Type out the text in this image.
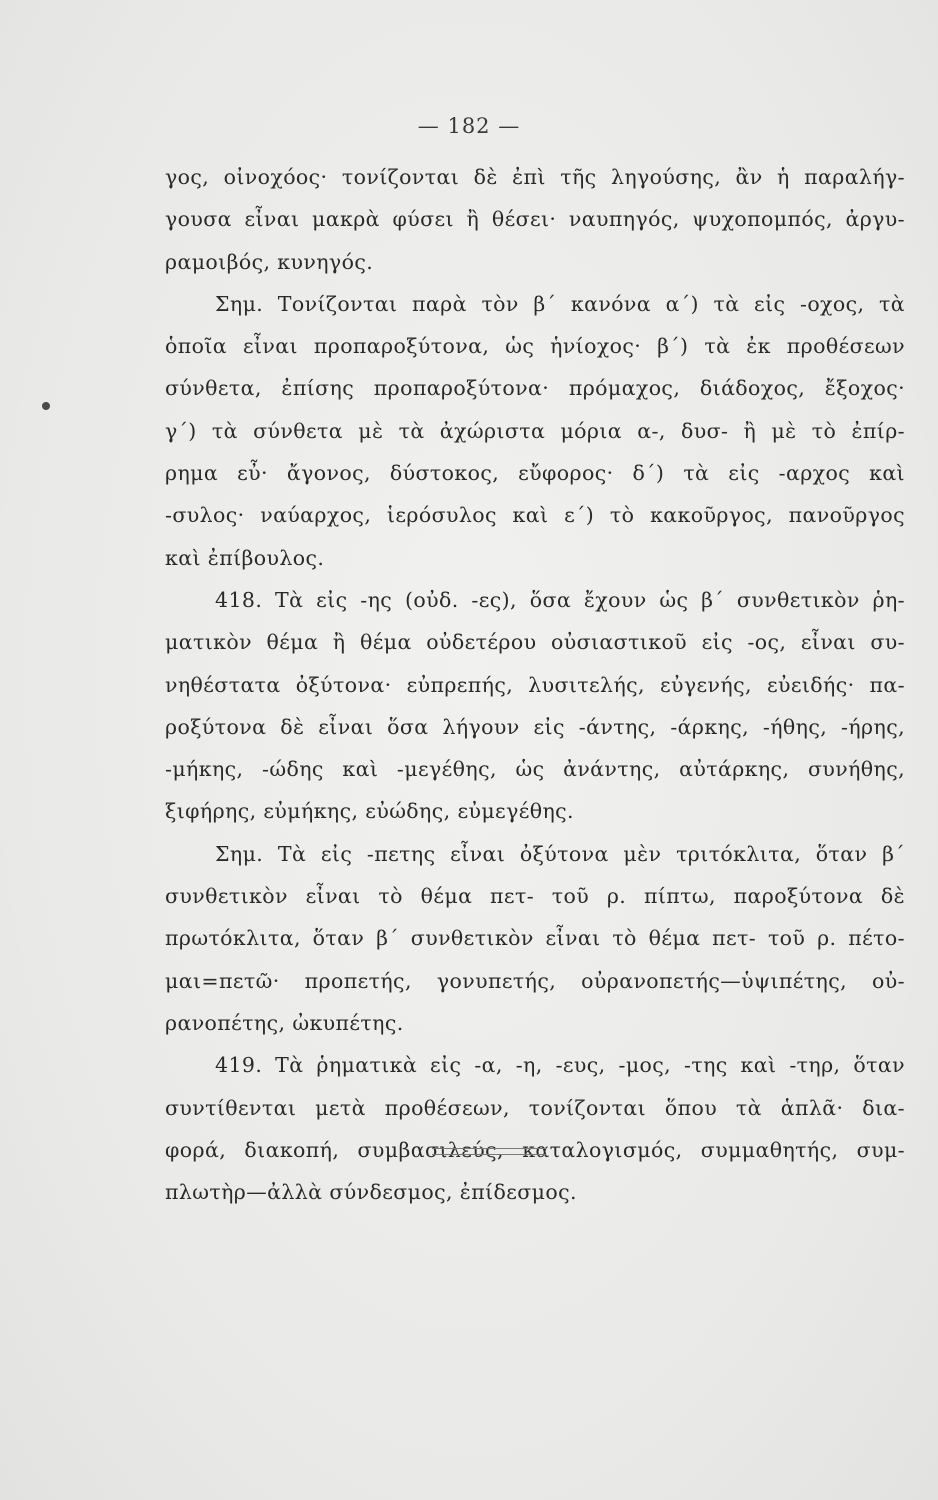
— 182 —
γος, οἰνοχόος· τονίζονται δὲ ἐπὶ τῆς ληγούσης, ἂν ἡ παραλήγ-
γουσα εἶναι μακρὰ φύσει ἢ θέσει· ναυπηγός, ψυχοπομπός, ἀργυ-
ραμοιβός, κυνηγός.
Σημ. Τονίζονται παρὰ τὸν β΄ κανόνα α΄) τὰ εἰς -οχος, τὰ
ὁποῖα εἶναι προπαροξύτονα, ὡς ἡνίοχος· β΄) τὰ ἐκ προθέσεων
σύνθετα, ἐπίσης προπαροξύτονα· πρόμαχος, διάδοχος, ἔξοχος·
γ΄) τὰ σύνθετα μὲ τὰ ἀχώριστα μόρια α-, δυσ- ἢ μὲ τὸ ἐπίρ-
ρημα εὖ· ἄγονος, δύστοκος, εὔφορος· δ΄) τὰ εἰς -αρχος καὶ
-συλος· ναύαρχος, ἱερόσυλος καὶ ε΄) τὸ κακοῦργος, πανοῦργος
καὶ ἐπίβουλος.
418. Τὰ εἰς -ης (οὐδ. -ες), ὅσα ἔχουν ὡς β΄ συνθετικὸν ῥη-
ματικὸν θέμα ἢ θέμα οὐδετέρου οὐσιαστικοῦ εἰς -ος, εἶναι συ-
νηθέστατα ὀξύτονα· εὐπρεπής, λυσιτελής, εὐγενής, εὐειδής· πα-
ροξύτονα δὲ εἶναι ὅσα λήγουν εἰς -άντης, -άρκης, -ήθης, -ήρης,
-μήκης, -ώδης καὶ -μεγέθης, ὡς ἀνάντης, αὐτάρκης, συνήθης,
ξιφήρης, εὐμήκης, εὐώδης, εὐμεγέθης.
Σημ. Τὰ εἰς -πετης εἶναι ὀξύτονα μὲν τριτόκλιτα, ὅταν β΄
συνθετικὸν εἶναι τὸ θέμα πετ- τοῦ ρ. πίπτω, παροξύτονα δὲ
πρωτόκλιτα, ὅταν β΄ συνθετικὸν εἶναι τὸ θέμα πετ- τοῦ ρ. πέτο-
μαι=πετῶ· προπετής, γονυπετής, οὐρανοπετής—ὑψιπέτης, οὐ-
ρανοπέτης, ὠκυπέτης.
419. Τὰ ῥηματικὰ εἰς -α, -η, -ευς, -μος, -της καὶ -τηρ, ὅταν
συντίθενται μετὰ προθέσεων, τονίζονται ὅπου τὰ ἁπλᾶ· δια-
φορά, διακοπή, συμβασιλεύς, καταλογισμός, συμμαθητής, συμ-
πλωτὴρ—ἀλλὰ σύνδεσμος, ἐπίδεσμος.
